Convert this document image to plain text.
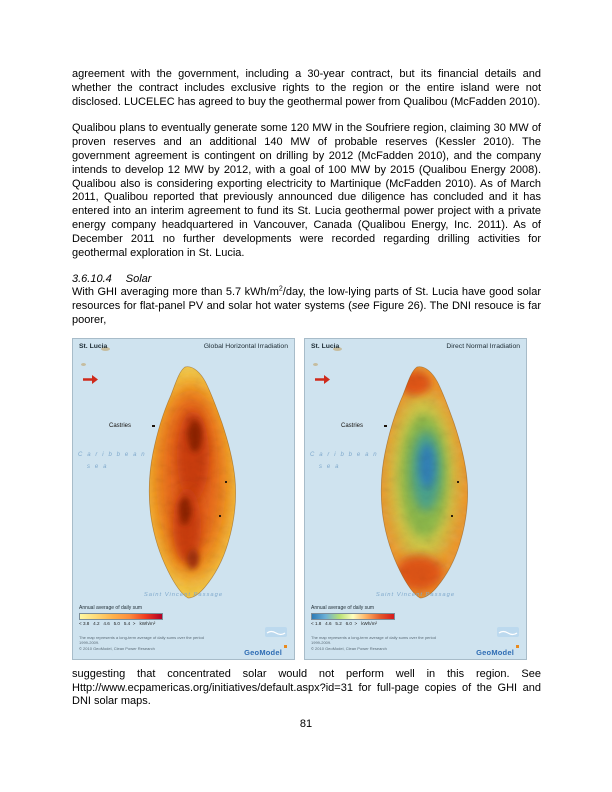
agreement with the government, including a 30-year contract, but its financial details and whether the contract includes exclusive rights to the region or the entire island were not disclosed. LUCELEC has agreed to buy the geothermal power from Qualibou (McFadden 2010).

Qualibou plans to eventually generate some 120 MW in the Soufriere region, claiming 30 MW of proven reserves and an additional 140 MW of probable reserves (Kessler 2010). The government agreement is contingent on drilling by 2012 (McFadden 2010), and the company intends to develop 12 MW by 2012, with a goal of 100 MW by 2015 (Qualibou Energy 2008). Qualibou also is considering exporting electricity to Martinique (McFadden 2010). As of March 2011, Qualibou reported that previously announced due diligence has concluded and it has entered into an interim agreement to fund its St. Lucia geothermal power project with a private energy company headquartered in Vancouver, Canada (Qualibou Energy, Inc. 2011). As of December 2011 no further developments were recorded regarding drilling activities for geothermal exploration in St. Lucia.

3.6.10.4 Solar

With GHI averaging more than 5.7 kWh/$m^2$/day, the low-lying parts of St. Lucia have good solar resources for flat-panel PV and solar hot water systems (see Figure 26). The DNI resouce is far poorer,

St. Lucia	Global Horizontal Irradiation
Castries
C a r i b b e a n
s e a
Saint Vincent Passage
Annual average of daily sum
< 3.8   4.2   4.6   5.0   5.4  > kWh/m²
The map represents a long-term average of daily sums over the period 1999-2009.
© 2010 GeoModel, Clean Power Research	GeoModel
St. Lucia	Direct Normal Irradiation
Castries
C a r i b b e a n
s e a
Saint Vincent Passage
Annual average of daily sum
< 1.8   4.6   5.2   6.0  > kWh/m²
The map represents a long-term average of daily sums over the period 1999-2009.
© 2010 GeoModel, Clean Power Research	GeoModel

suggesting that concentrated solar would not perform well in this region. See Http://www.ecpamericas.org/initiatives/default.aspx?id=31 for full-page copies of the GHI and DNI solar maps.

81
